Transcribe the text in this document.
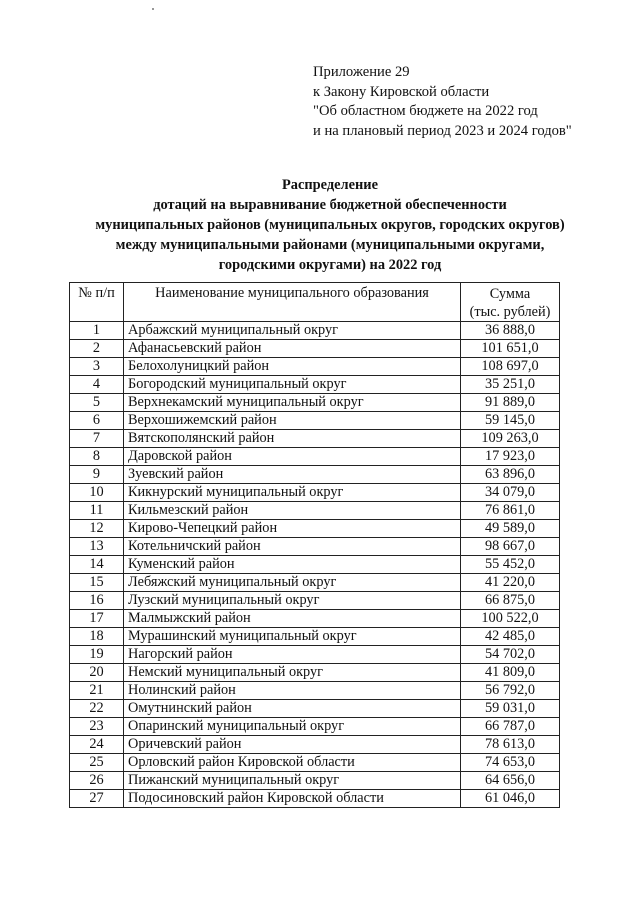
Приложение 29
к Закону Кировской области
"Об областном бюджете на 2022 год
и на плановый период 2023 и 2024 годов"
Распределение
дотаций на выравнивание бюджетной обеспеченности
муниципальных районов (муниципальных округов, городских округов)
между муниципальными районами (муниципальными округами,
городскими округами) на 2022 год
№ п/п	Наименование муниципального образования	Сумма
(тыс. рублей)

1	Арбажский муниципальный округ	36 888,0
2	Афанасьевский район	101 651,0
3	Белохолуницкий район	108 697,0
4	Богородский муниципальный округ	35 251,0
5	Верхнекамский муниципальный округ	91 889,0
6	Верхошижемский район	59 145,0
7	Вятскополянский район	109 263,0
8	Даровской район	17 923,0
9	Зуевский район	63 896,0
10	Кикнурский муниципальный округ	34 079,0
11	Кильмезский район	76 861,0
12	Кирово-Чепецкий район	49 589,0
13	Котельничский район	98 667,0
14	Куменский район	55 452,0
15	Лебяжский муниципальный округ	41 220,0
16	Лузский муниципальный округ	66 875,0
17	Малмыжский район	100 522,0
18	Мурашинский муниципальный округ	42 485,0
19	Нагорский район	54 702,0
20	Немский муниципальный округ	41 809,0
21	Нолинский район	56 792,0
22	Омутнинский район	59 031,0
23	Опаринский муниципальный округ	66 787,0
24	Оричевский район	78 613,0
25	Орловский район Кировской области	74 653,0
26	Пижанский муниципальный округ	64 656,0
27	Подосиновский район Кировской области	61 046,0
